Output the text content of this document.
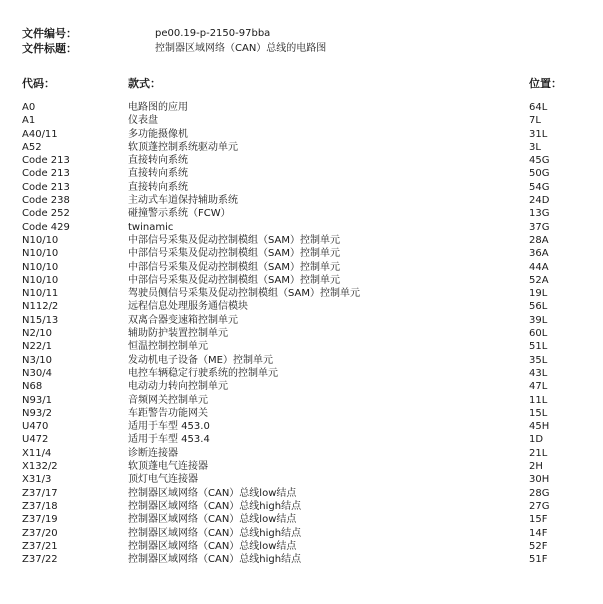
文件编号：	pe00.19-p-2150-97bba
文件标题：	控制器区域网络（CAN）总线的电路图
代码：	款式：	位置：
A0	电路图的应用	64L
A1	仪表盘	7L
A40/11	多功能摄像机	31L
A52	软顶蓬控制系统驱动单元	3L
Code 213	直接转向系统	45G
Code 213	直接转向系统	50G
Code 213	直接转向系统	54G
Code 238	主动式车道保持辅助系统	24D
Code 252	碰撞警示系统（FCW）	13G
Code 429	twinamic	37G
N10/10	中部信号采集及促动控制模组（SAM）控制单元	28A
N10/10	中部信号采集及促动控制模组（SAM）控制单元	36A
N10/10	中部信号采集及促动控制模组（SAM）控制单元	44A
N10/10	中部信号采集及促动控制模组（SAM）控制单元	52A
N10/11	驾驶员侧信号采集及促动控制模组（SAM）控制单元	19L
N112/2	远程信息处理服务通信模块	56L
N15/13	双离合器变速箱控制单元	39L
N2/10	辅助防护装置控制单元	60L
N22/1	恒温控制控制单元	51L
N3/10	发动机电子设备（ME）控制单元	35L
N30/4	电控车辆稳定行驶系统的控制单元	43L
N68	电动动力转向控制单元	47L
N93/1	音频网关控制单元	11L
N93/2	车距警告功能网关	15L
U470	适用于车型 453.0	45H
U472	适用于车型 453.4	1D
X11/4	诊断连接器	21L
X132/2	软顶蓬电气连接器	2H
X31/3	顶灯电气连接器	30H
Z37/17	控制器区域网络（CAN）总线low结点	28G
Z37/18	控制器区域网络（CAN）总线high结点	27G
Z37/19	控制器区域网络（CAN）总线low结点	15F
Z37/20	控制器区域网络（CAN）总线high结点	14F
Z37/21	控制器区域网络（CAN）总线low结点	52F
Z37/22	控制器区域网络（CAN）总线high结点	51F
